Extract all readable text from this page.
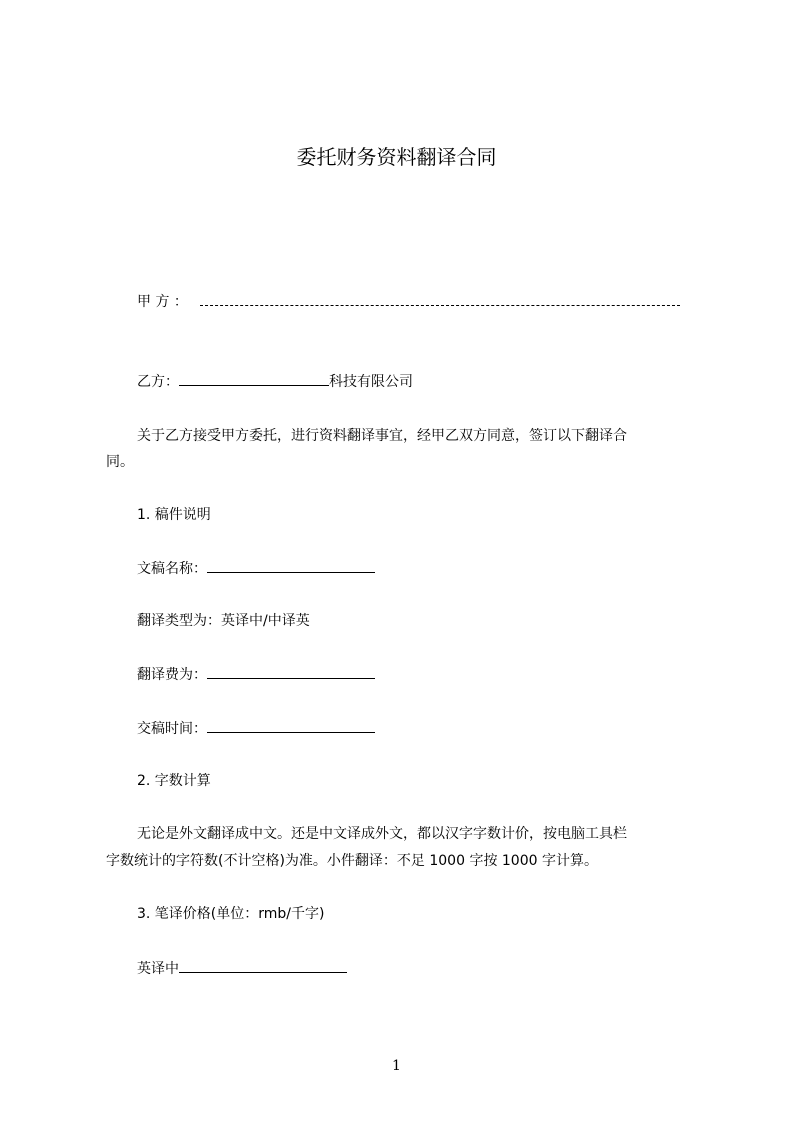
委托财务资料翻译合同

甲 方 ：

乙方：	科技有限公司

关于乙方接受甲方委托，进行资料翻译事宜，经甲乙双方同意，签订以下翻译合

同。

1. 稿件说明

文稿名称：

翻译类型为：英译中/中译英

翻译费为：

交稿时间：

2. 字数计算

无论是外文翻译成中文。还是中文译成外文，都以汉字字数计价，按电脑工具栏

字数统计的字符数(不计空格)为准。小件翻译：不足 1000 字按 1000 字计算。

3. 笔译价格(单位：rmb/千字)

英译中

1
